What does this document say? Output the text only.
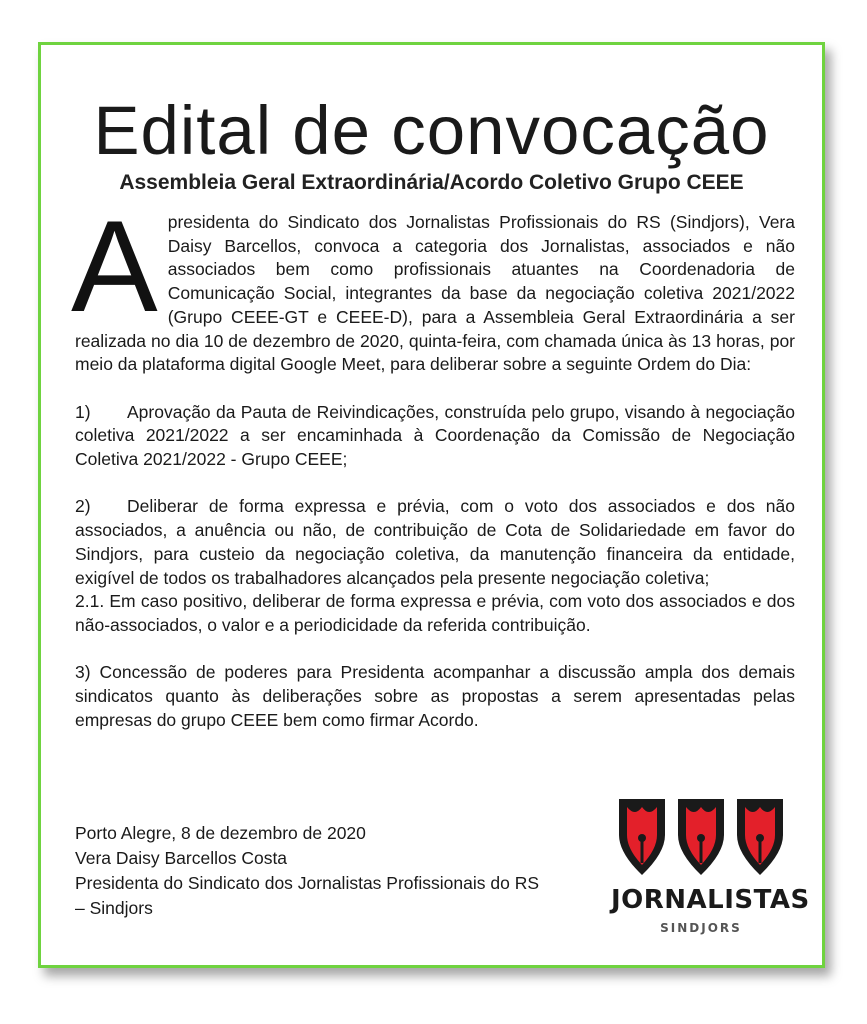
Edital de convocação
Assembleia Geral Extraordinária/Acordo Coletivo Grupo CEEE

Apresidenta do Sindicato dos Jornalistas Profissionais do RS (Sindjors), Vera Daisy Barcellos, convoca a categoria dos Jornalistas, associados e não associados bem como profissionais atuantes na Coordenadoria de Comunicação Social, integrantes da base da negociação coletiva 2021/2022 (Grupo CEEE-GT e CEEE-D), para a Assembleia Geral Extraordinária a ser realizada no dia 10 de dezembro de 2020, quinta-feira, com chamada única às 13 horas, por meio da plataforma digital Google Meet, para deliberar sobre a seguinte Ordem do Dia:

1) Aprovação da Pauta de Reivindicações, construída pelo grupo, visando à negociação coletiva 2021/2022 a ser encaminhada à Coordenação da Comissão de Negociação Coletiva 2021/2022 - Grupo CEEE;

2) Deliberar de forma expressa e prévia, com o voto dos associados e dos não associados, a anuência ou não, de contribuição de Cota de Solidariedade em favor do Sindjors, para custeio da negociação coletiva, da manutenção financeira da entidade, exigível de todos os trabalhadores alcançados pela presente negociação coletiva;

2.1. Em caso positivo, deliberar de forma expressa e prévia, com voto dos associados e dos não-associados, o valor e a periodicidade da referida contribuição.

3) Concessão de poderes para Presidenta acompanhar a discussão ampla dos demais sindicatos quanto às deliberações sobre as propostas a serem apresentadas pelas empresas do grupo CEEE bem como firmar Acordo.

Porto Alegre, 8 de dezembro de 2020
Vera Daisy Barcellos Costa
Presidenta do Sindicato dos Jornalistas Profissionais do RS
– Sindjors	JORNALISTAS
SINDJORS
